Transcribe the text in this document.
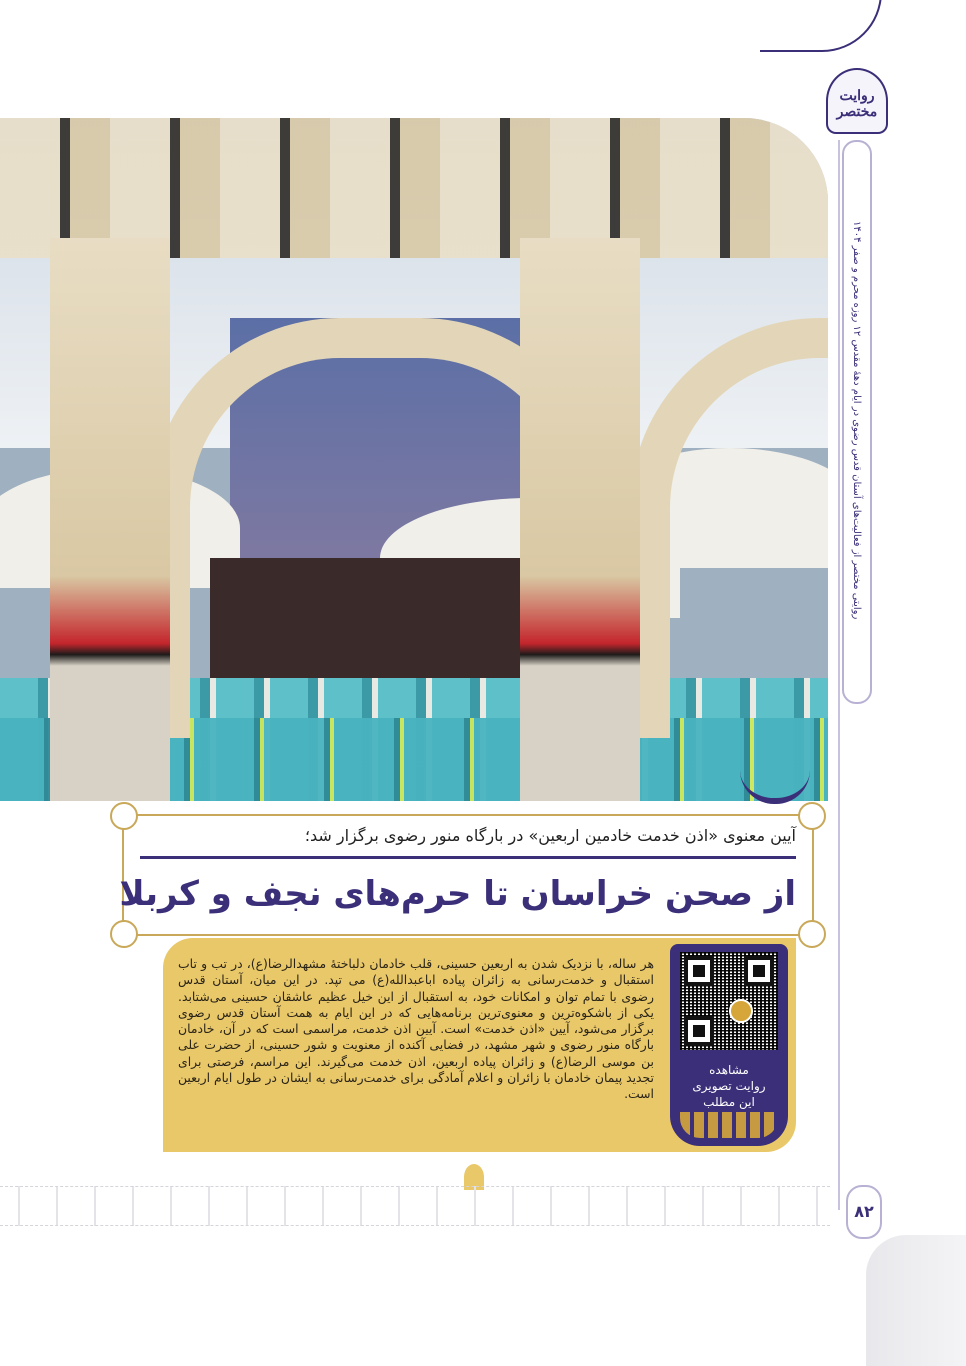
روایت مختصر
روایتی مختصر از فعالیت‌های آستان قدس رضوی در ایام دهۀ مقدس ۱۲ روزه محرم و صفر ۱۴۰۴
آیین معنوی «اذن خدمت خادمین اربعین» در بارگاه منور رضوی برگزار شد؛
از صحن خراسان تا حرم‌های نجف و کربلا
هر ساله، با نزدیک شدن به اربعین حسینی، قلب خادمان دلباختۀ مشهدالرضا(ع)، در تب و تاب استقبال و خدمت‌رسانی به زائران پیاده اباعبدالله(ع) می تپد. در این میان، آستان قدس رضوی با تمام توان و امکانات خود، به استقبال از این خیل عظیم عاشقان حسینی می‌شتابد. یکی از باشکوه‌ترین و معنوی‌ترین برنامه‌هایی که در این ایام به همت آستان قدس رضوی برگزار می‌شود، آیین «اذن خدمت» است. آیین اذن خدمت، مراسمی است که در آن، خادمان بارگاه منور رضوی و شهر مشهد، در فضایی آکنده از معنویت و شور حسینی، از حضرت علی بن موسی الرضا(ع) و زائران پیاده اربعین، اذن خدمت می‌گیرند. این مراسم، فرصتی برای تجدید پیمان خادمان با زائران و اعلام آمادگی برای خدمت‌رسانی به ایشان در طول ایام اربعین است.
مشاهده
روایت تصویری
این مطلب
۸۲
